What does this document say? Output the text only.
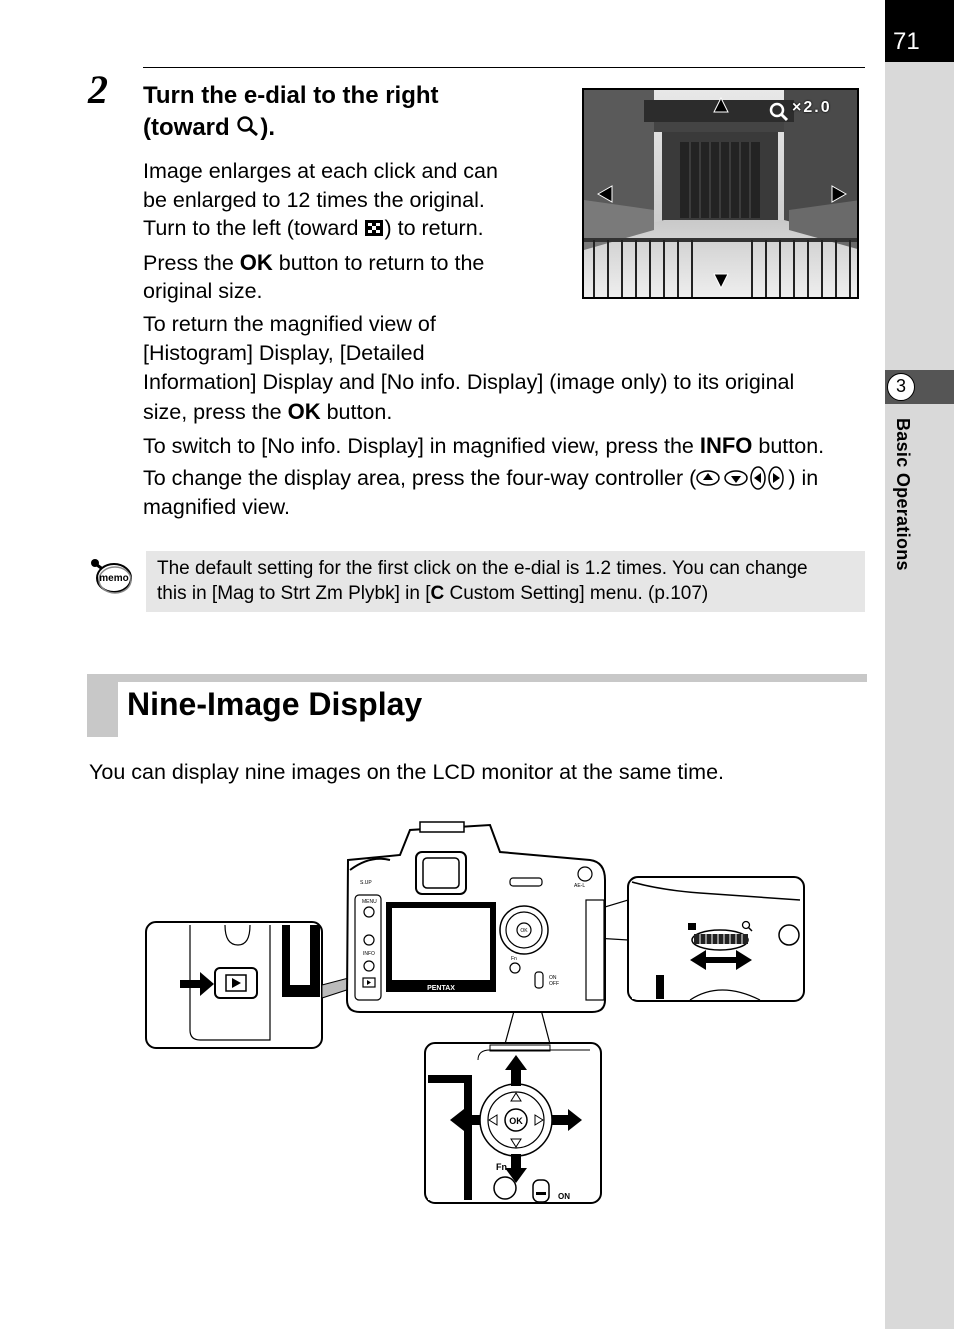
71
3
Basic Operations
2 Turn the e-dial to the right
(toward ).
Image enlarges at each click and can
be enlarged to 12 times the original.
Turn to the left (toward ) to return.
Press the OK button to return to the
original size.
To return the magnified view of
[Histogram] Display, [Detailed
Information] Display and [No info. Display] (image only) to its original
size, press the OK button.
To switch to [No info. Display] in magnified view, press the INFO button.
To change the display area, press the four-way controller (	) in
magnified view.
×2.0
memo The default setting for the first click on the e-dial is 1.2 times. You can change
this in [Mag to Strt Zm Plybk] in [C Custom Setting] menu. (p.107)
Nine-Image Display
You can display nine images on the LCD monitor at the same time.
PENTAX
MENU
INFO
S.UP
OK
Fn
ON
OFF
AE-L
OK
Fn
ON
